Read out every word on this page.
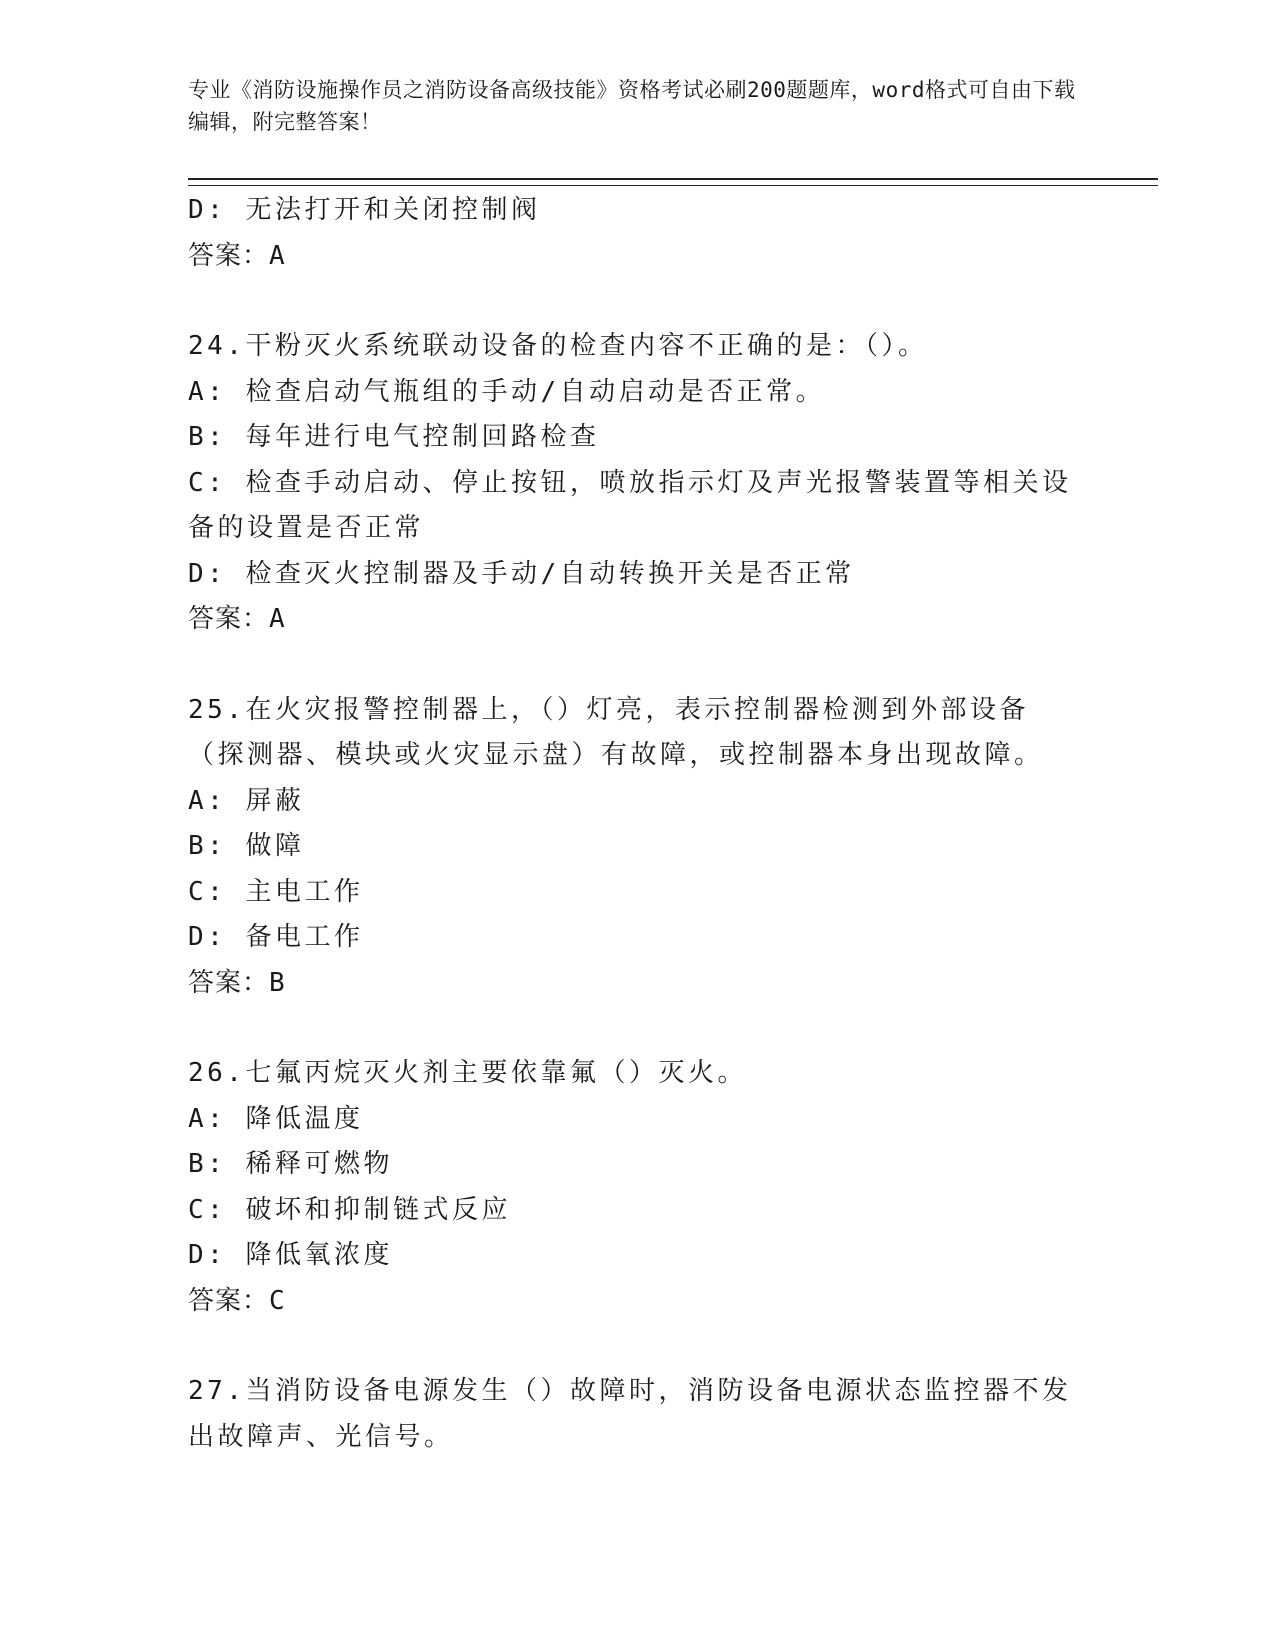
专业《消防设施操作员之消防设备高级技能》资格考试必刷200题题库，word格式可自由下载编辑，附完整答案！
D: 无法打开和关闭控制阀
答案：A
24.干粉灭火系统联动设备的检查内容不正确的是：（）。
A: 检查启动气瓶组的手动/自动启动是否正常。
B: 每年进行电气控制回路检查
C: 检查手动启动、停止按钮，喷放指示灯及声光报警装置等相关设备的设置是否正常
D: 检查灭火控制器及手动/自动转换开关是否正常
答案：A
25.在火灾报警控制器上，（）灯亮，表示控制器检测到外部设备（探测器、模块或火灾显示盘）有故障，或控制器本身出现故障。
A: 屏蔽
B: 做障
C: 主电工作
D: 备电工作
答案：B
26.七氟丙烷灭火剂主要依靠氟（）灭火。
A: 降低温度
B: 稀释可燃物
C: 破坏和抑制链式反应
D: 降低氧浓度
答案：C
27.当消防设备电源发生（）故障时，消防设备电源状态监控器不发出故障声、光信号。
